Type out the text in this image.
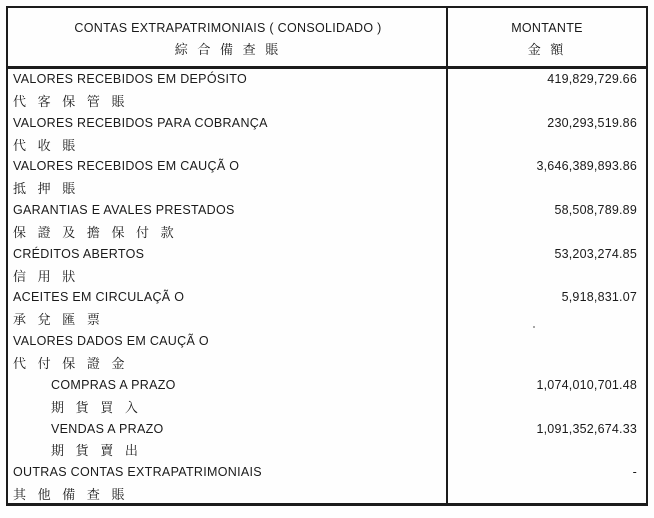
CONTAS EXTRAPATRIMONIAIS ( CONSOLIDADO )
綜 合 備 查 賬
MONTANTE
金 額
VALORES RECEBIDOS EM DEPÓSITO
代 客 保 管 賬
419,829,729.66
VALORES RECEBIDOS PARA COBRANÇA
代 收 賬
230,293,519.86
VALORES RECEBIDOS EM CAUÇÃ O
抵 押 賬
3,646,389,893.86
GARANTIAS E AVALES PRESTADOS
保 證 及 擔 保 付 款
58,508,789.89
CRÉDITOS ABERTOS
信 用 狀
53,203,274.85
ACEITES EM CIRCULAÇÃ O
承 兌 匯 票
5,918,831.07
VALORES DADOS EM CAUÇÃ O
代 付 保 證 金
COMPRAS A PRAZO
期 貨 買 入
1,074,010,701.48
VENDAS A PRAZO
期 貨 賣 出
1,091,352,674.33
OUTRAS CONTAS EXTRAPATRIMONIAIS
其 他 備 查 賬
-
